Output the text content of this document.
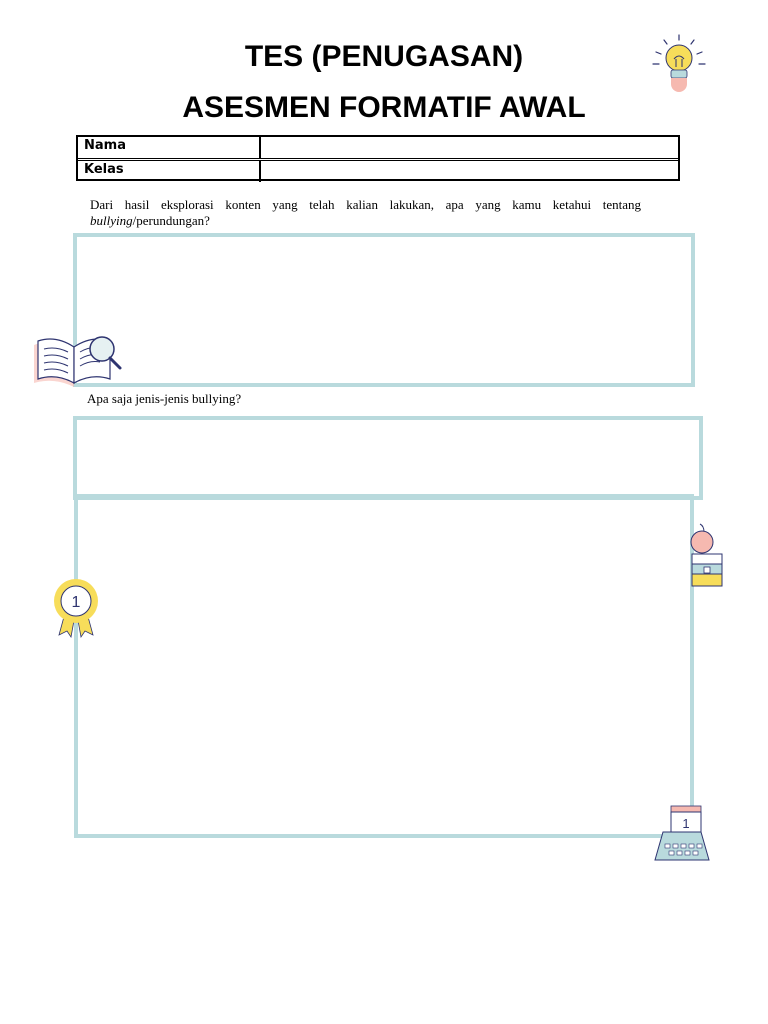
TES (PENUGASAN)
ASESMEN FORMATIF AWAL
Nama
Kelas
Dari hasil eksplorasi konten yang telah kalian lakukan, apa yang kamu ketahui tentang bullying/perundungan?
Apa saja jenis-jenis bullying?
1
1
